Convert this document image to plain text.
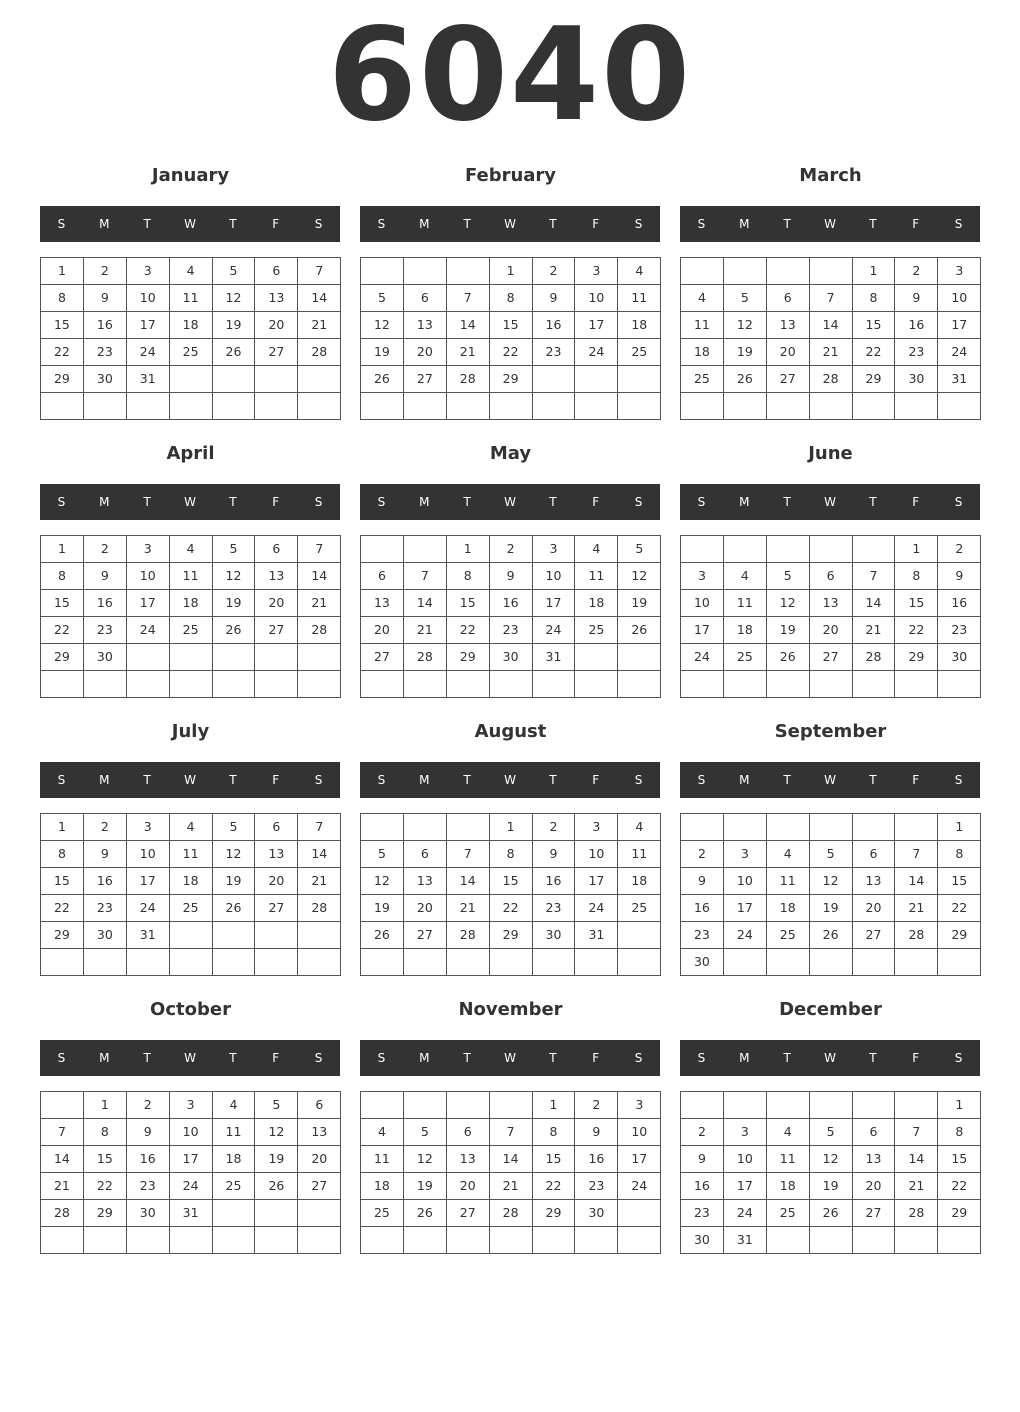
6040
January
S	M	T	W	T	F	S
1	2	3	4	5	6	7
8	9	10	11	12	13	14
15	16	17	18	19	20	21
22	23	24	25	26	27	28
29	30	31				

February
S	M	T	W	T	F	S
			1	2	3	4
5	6	7	8	9	10	11
12	13	14	15	16	17	18
19	20	21	22	23	24	25
26	27	28	29			

March
S	M	T	W	T	F	S
				1	2	3
4	5	6	7	8	9	10
11	12	13	14	15	16	17
18	19	20	21	22	23	24
25	26	27	28	29	30	31

April
S	M	T	W	T	F	S
1	2	3	4	5	6	7
8	9	10	11	12	13	14
15	16	17	18	19	20	21
22	23	24	25	26	27	28
29	30					

May
S	M	T	W	T	F	S
		1	2	3	4	5
6	7	8	9	10	11	12
13	14	15	16	17	18	19
20	21	22	23	24	25	26
27	28	29	30	31		

June
S	M	T	W	T	F	S
					1	2
3	4	5	6	7	8	9
10	11	12	13	14	15	16
17	18	19	20	21	22	23
24	25	26	27	28	29	30

July
S	M	T	W	T	F	S
1	2	3	4	5	6	7
8	9	10	11	12	13	14
15	16	17	18	19	20	21
22	23	24	25	26	27	28
29	30	31				

August
S	M	T	W	T	F	S
			1	2	3	4
5	6	7	8	9	10	11
12	13	14	15	16	17	18
19	20	21	22	23	24	25
26	27	28	29	30	31	

September
S	M	T	W	T	F	S
						1
2	3	4	5	6	7	8
9	10	11	12	13	14	15
16	17	18	19	20	21	22
23	24	25	26	27	28	29
30						
October
S	M	T	W	T	F	S
	1	2	3	4	5	6
7	8	9	10	11	12	13
14	15	16	17	18	19	20
21	22	23	24	25	26	27
28	29	30	31			

November
S	M	T	W	T	F	S
				1	2	3
4	5	6	7	8	9	10
11	12	13	14	15	16	17
18	19	20	21	22	23	24
25	26	27	28	29	30	

December
S	M	T	W	T	F	S
						1
2	3	4	5	6	7	8
9	10	11	12	13	14	15
16	17	18	19	20	21	22
23	24	25	26	27	28	29
30	31					
